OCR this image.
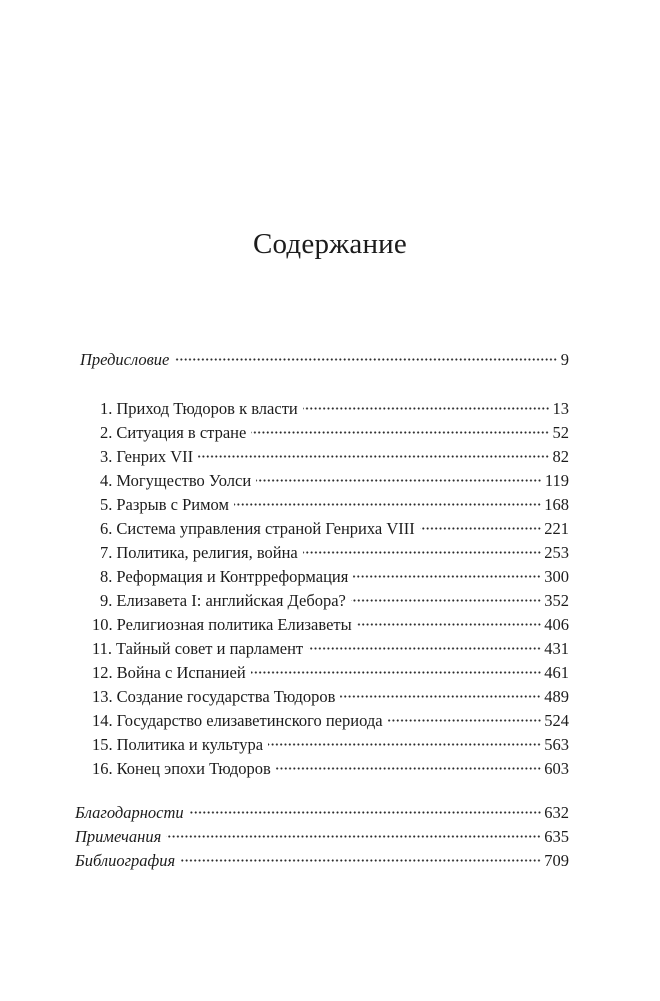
Содержание
Предисловие	9
1. Приход Тюдоров к власти	13
2. Ситуация в стране	52
3. Генрих VII	82
4. Могущество Уолси	119
5. Разрыв с Римом	168
6. Система управления страной Генриха VIII	221
7. Политика, религия, война	253
8. Реформация и Контрреформация	300
9. Елизавета I: английская Дебора?	352
10. Религиозная политика Елизаветы	406
11. Тайный совет и парламент	431
12. Война с Испанией	461
13. Создание государства Тюдоров	489
14. Государство елизаветинского периода	524
15. Политика и культура	563
16. Конец эпохи Тюдоров	603
Благодарности	632
Примечания	635
Библиография	709
